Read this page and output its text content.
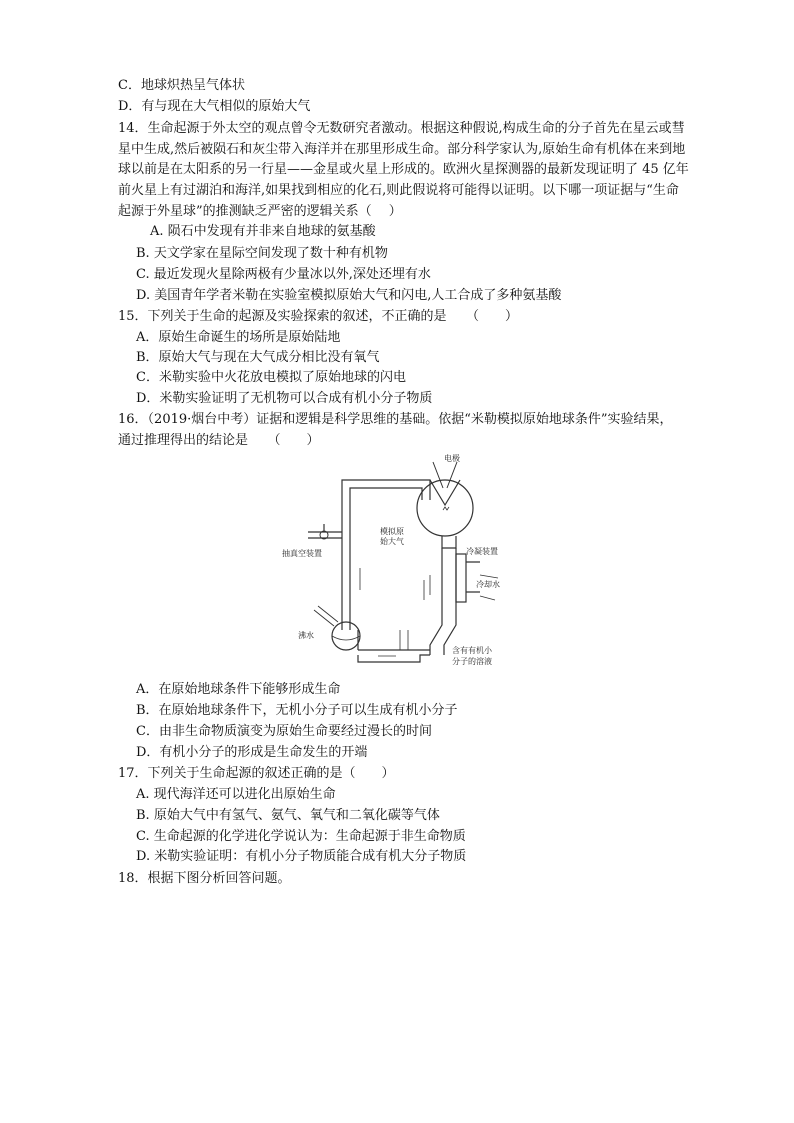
C．地球炽热呈气体状
D．有与现在大气相似的原始大气
14．生命起源于外太空的观点曾令无数研究者激动。根据这种假说,构成生命的分子首先在星云或彗
星中生成,然后被陨石和灰尘带入海洋并在那里形成生命。部分科学家认为,原始生命有机体在来到地
球以前是在太阳系的另一行星——金星或火星上形成的。欧洲火星探测器的最新发现证明了 45 亿年
前火星上有过湖泊和海洋,如果找到相应的化石,则此假说将可能得以证明。以下哪一项证据与“生命
起源于外星球”的推测缺乏严密的逻辑关系（　 ）
A. 陨石中发现有并非来自地球的氨基酸
B. 天文学家在星际空间发现了数十种有机物
C. 最近发现火星除两极有少量冰以外,深处还埋有水
D. 美国青年学者米勒在实验室模拟原始大气和闪电,人工合成了多种氨基酸
15．下列关于生命的起源及实验探索的叙述，不正确的是　　（　　）
A．原始生命诞生的场所是原始陆地
B．原始大气与现在大气成分相比没有氧气
C．米勒实验中火花放电模拟了原始地球的闪电
D．米勒实验证明了无机物可以合成有机小分子物质
16．（2019·烟台中考）证据和逻辑是科学思维的基础。依据“米勒模拟原始地球条件”实验结果，
通过推理得出的结论是　　（　　）
电极
模拟原
始大气
抽真空装置	冷凝装置
冷却水
沸水
含有有机小
分子的溶液
A．在原始地球条件下能够形成生命
B．在原始地球条件下，无机小分子可以生成有机小分子
C．由非生命物质演变为原始生命要经过漫长的时间
D．有机小分子的形成是生命发生的开端
17．下列关于生命起源的叙述正确的是（　　）
A. 现代海洋还可以进化出原始生命
B. 原始大气中有氢气、氨气、氧气和二氧化碳等气体
C. 生命起源的化学进化学说认为：生命起源于非生命物质
D. 米勒实验证明：有机小分子物质能合成有机大分子物质
18．根据下图分析回答问题。
